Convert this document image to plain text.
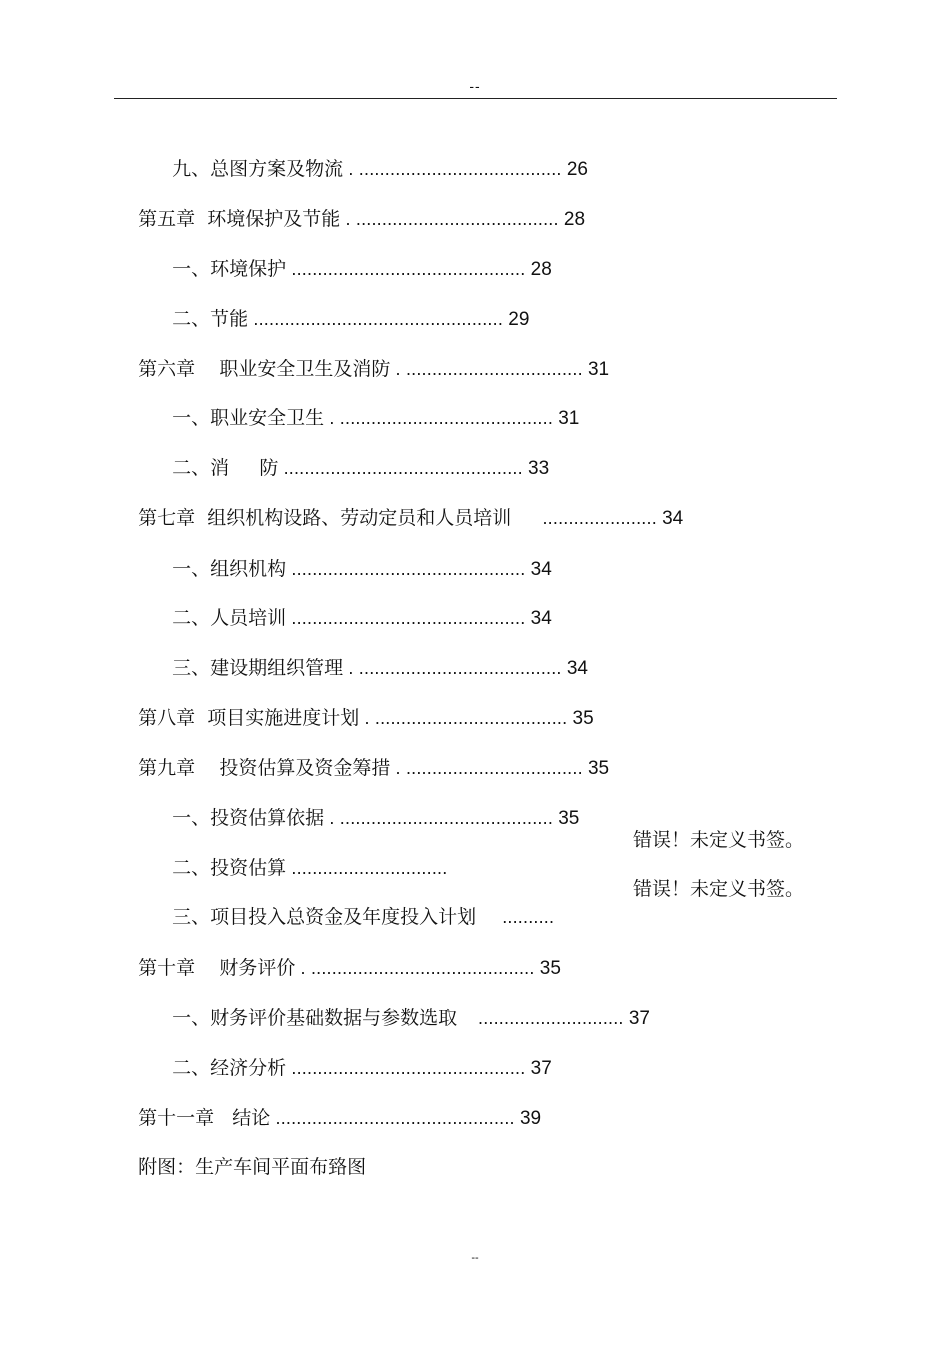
--

九、总图方案及物流 . ....................................... 26

第五章  环境保护及节能 . ....................................... 28

一、环境保护 ............................................. 28

二、节能 ................................................ 29

第六章    职业安全卫生及消防 . .................................. 31

一、职业安全卫生 . ......................................... 31

二、消     防 .............................................. 33

第七章  组织机构设路、劳动定员和人员培训      ...................... 34

一、组织机构 ............................................. 34

二、人员培训 ............................................. 34

三、建设期组织管理 . ....................................... 34

第八章  项目实施进度计划 . ..................................... 35

第九章    投资估算及资金筹措 . .................................. 35

一、投资估算依据 . ......................................... 35

二、投资估算 ..............................

错误！未定义书签。

三、项目投入总资金及年度投入计划     ..........

错误！未定义书签。

第十章    财务评价 . ........................................... 35

一、财务评价基础数据与参数选取    ............................ 37

二、经济分析 ............................................. 37

第十一章   结论 .............................................. 39

附图：生产车间平面布臵图

--
